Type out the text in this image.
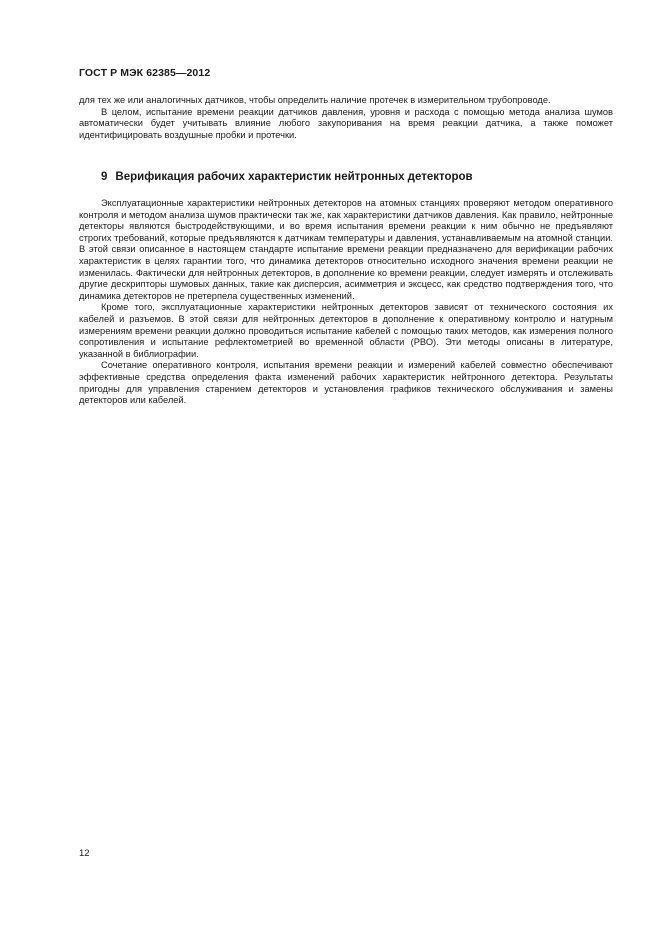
ГОСТ Р МЭК 62385—2012

для тех же или аналогичных датчиков, чтобы определить наличие протечек в измерительном трубопроводе.

В целом, испытание времени реакции датчиков давления, уровня и расхода с помощью метода анализа шумов автоматически будет учитывать влияние любого закупоривания на время реакции датчика, а также поможет идентифицировать воздушные пробки и протечки.

9 Верификация рабочих характеристик нейтронных детекторов

Эксплуатационные характеристики нейтронных детекторов на атомных станциях проверяют методом оперативного контроля и методом анализа шумов практически так же, как характеристики датчиков давления. Как правило, нейтронные детекторы являются быстродействующими, и во время испытания времени реакции к ним обычно не предъявляют строгих требований, которые предъявляются к датчикам температуры и давления, устанавливаемым на атомной станции. В этой связи описанное в настоящем стандарте испытание времени реакции предназначено для верификации рабочих характеристик в целях гарантии того, что динамика детекторов относительно исходного значения времени реакции не изменилась. Фактически для нейтронных детекторов, в дополнение ко времени реакции, следует измерять и отслеживать другие дескрипторы шумовых данных, такие как дисперсия, асимметрия и эксцесс, как средство подтверждения того, что динамика детекторов не претерпела существенных изменений.

Кроме того, эксплуатационные характеристики нейтронных детекторов зависят от технического состояния их кабелей и разъемов. В этой связи для нейтронных детекторов в дополнение к оперативному контролю и натурным измерениям времени реакции должно проводиться испытание кабелей с помощью таких методов, как измерения полного сопротивления и испытание рефлектометрией во временной области (РВО). Эти методы описаны в литературе, указанной в библиографии.

Сочетание оперативного контроля, испытания времени реакции и измерений кабелей совместно обеспечивают эффективные средства определения факта изменений рабочих характеристик нейтронного детектора. Результаты пригодны для управления старением детекторов и установления графиков технического обслуживания и замены детекторов или кабелей.

12
